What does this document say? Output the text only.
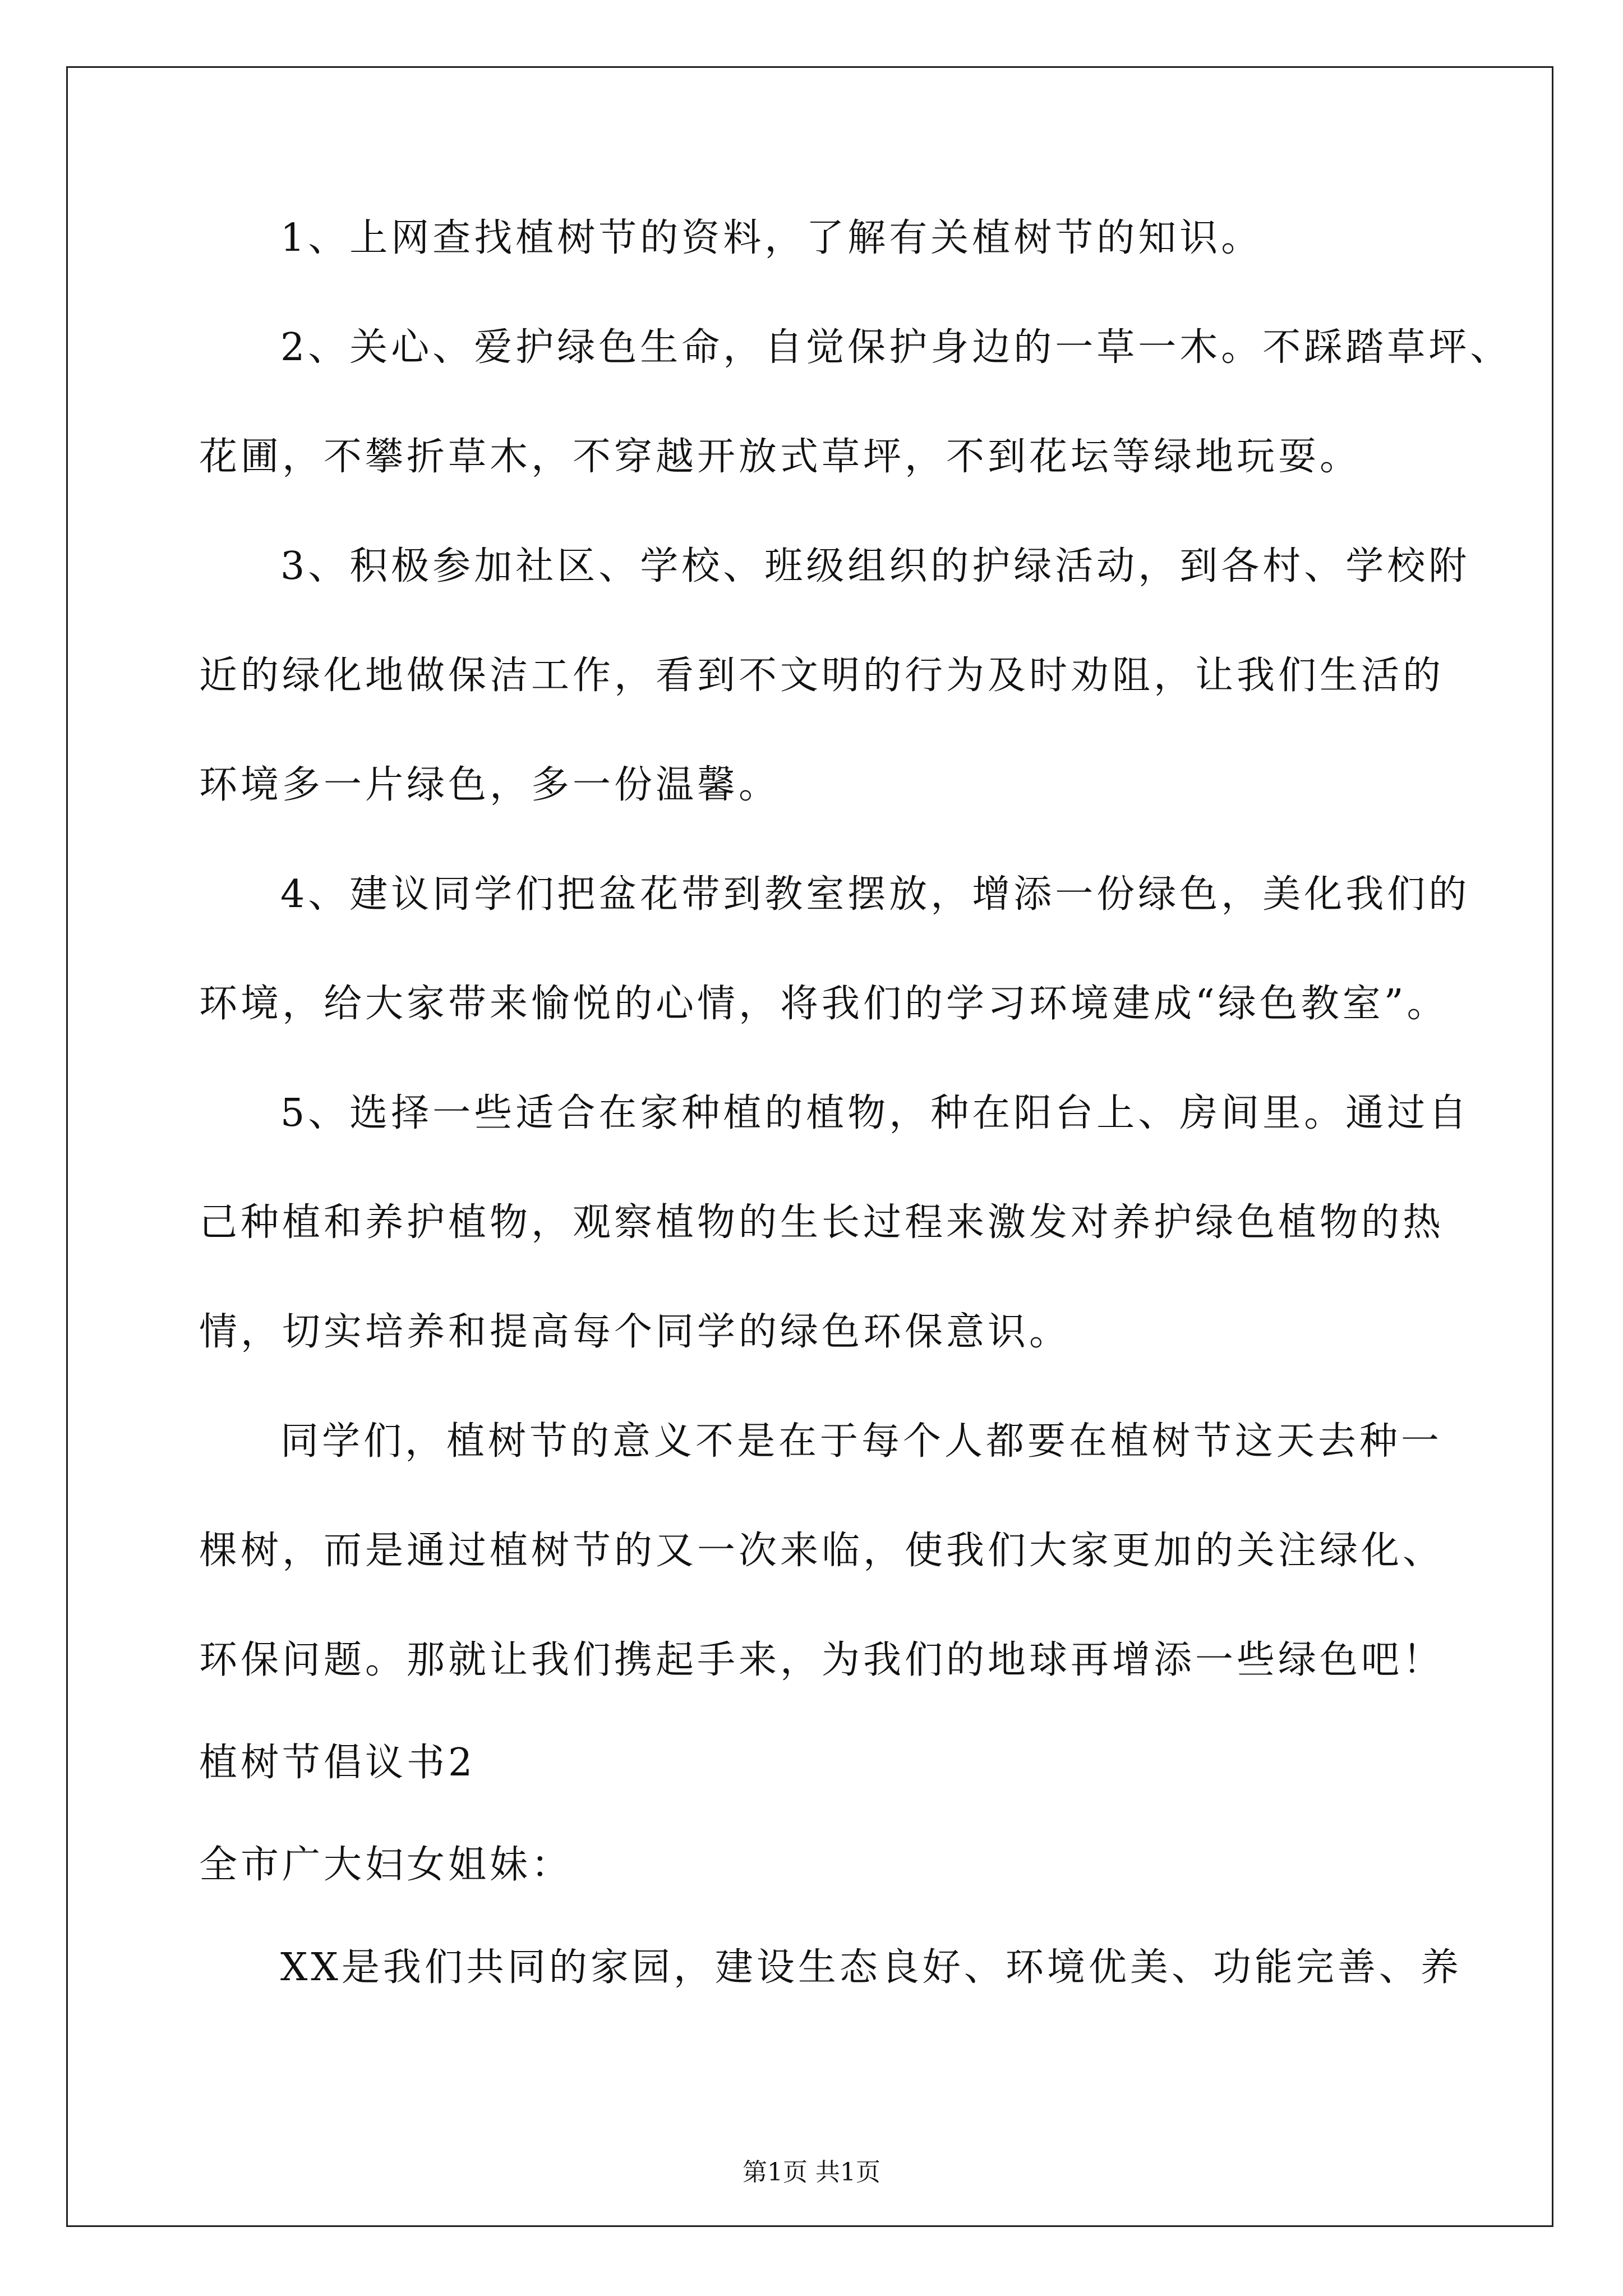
1、上网查找植树节的资料，了解有关植树节的知识。
2、关心、爱护绿色生命，自觉保护身边的一草一木。不踩踏草坪、
花圃，不攀折草木，不穿越开放式草坪，不到花坛等绿地玩耍。
3、积极参加社区、学校、班级组织的护绿活动，到各村、学校附
近的绿化地做保洁工作，看到不文明的行为及时劝阻，让我们生活的
环境多一片绿色，多一份温馨。
4、建议同学们把盆花带到教室摆放，增添一份绿色，美化我们的
环境，给大家带来愉悦的心情，将我们的学习环境建成“绿色教室”。
5、选择一些适合在家种植的植物，种在阳台上、房间里。通过自
己种植和养护植物，观察植物的生长过程来激发对养护绿色植物的热
情，切实培养和提高每个同学的绿色环保意识。
同学们，植树节的意义不是在于每个人都要在植树节这天去种一
棵树，而是通过植树节的又一次来临，使我们大家更加的关注绿化、
环保问题。那就让我们携起手来，为我们的地球再增添一些绿色吧！
植树节倡议书2
全市广大妇女姐妹：
XX是我们共同的家园，建设生态良好、环境优美、功能完善、养
第1页 共1页
